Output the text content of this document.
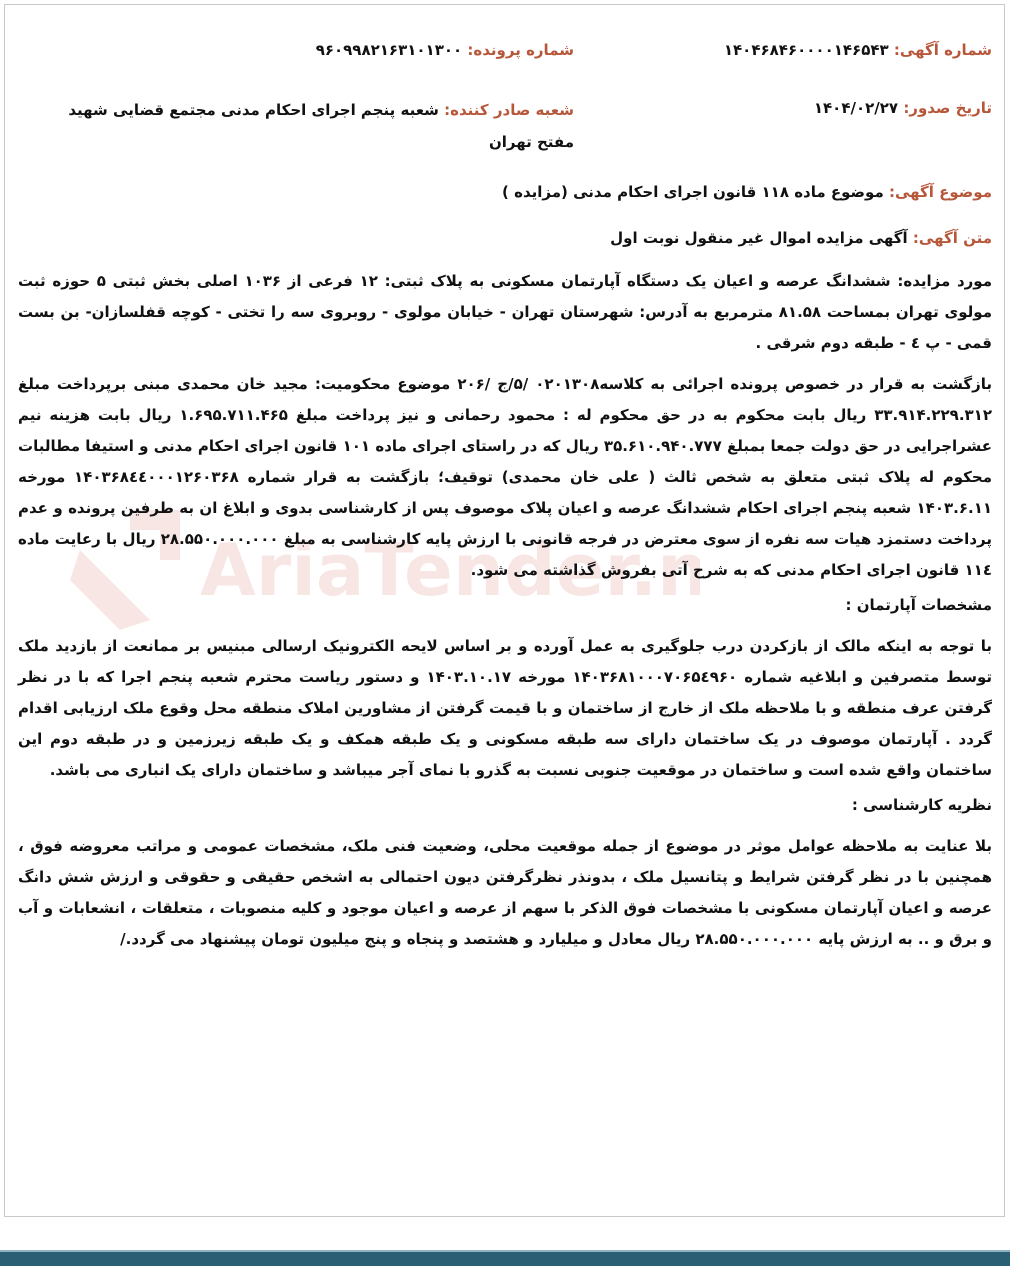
شماره آگهی: ۱۴۰۴۶۸۴۶۰۰۰۰۱۴۶۵۴۳
شماره پرونده: ۹۶۰۹۹۸۲۱۶۳۱۰۱۳۰۰
تاریخ صدور: ۱۴۰۴/۰۲/۲۷
شعبه صادر کننده: شعبه پنجم اجرای احکام مدنی مجتمع قضایی شهید مفتح تهران
موضوع آگهی: موضوع ماده ۱۱۸ قانون اجرای احکام مدنی (مزایده )
متن آگهی: آگهی مزایده اموال غیر منقول نوبت اول

مورد مزایده: ششدانگ عرصه و اعیان یک دستگاه آپارتمان مسکونی به پلاک ثبتی: ۱۲ فرعی از ۱۰۳۶ اصلی بخش ثبتی ۵ حوزه ثبت مولوی تهران بمساحت ۸۱.۵۸ مترمربع به آدرس: شهرستان تهران - خیابان مولوی - روبروی سه را تختی - کوچه قفلسازان- بن بست قمی - پ ٤ - طبقه دوم شرقی .

بازگشت به قرار در خصوص پرونده اجرائی به کلاسه۰۲۰۱۳۰۸ /۵/ج /۲۰۶ موضوع محکومیت: مجید خان محمدی مبنی برپرداخت مبلغ ۳۳.۹۱۴.۲۲۹.۳۱۲ ریال بابت محکوم به در حق محکوم له : محمود رحمانی و نیز پرداخت مبلغ ۱.۶۹۵.۷۱۱.۴۶۵ ریال بابت هزینه نیم عشراجرایی در حق دولت جمعا بمبلغ ۳۵.۶۱۰.۹۴۰.۷۷۷ ریال که در راستای اجرای ماده ۱۰۱ قانون اجرای احکام مدنی و استیفا مطالبات محکوم له پلاک ثبتی متعلق به شخص ثالث ( علی خان محمدی) توقیف؛ بازگشت به قرار شماره ۱۴۰۳۶۸٤٤۰۰۰۱۲۶۰۳۶۸ مورخه ۱۴۰۳.۶.۱۱ شعبه پنجم اجرای احکام ششدانگ عرصه و اعیان پلاک موصوف پس از کارشناسی بدوی و ابلاغ ان به طرفین پرونده و عدم پرداخت دستمزد هیات سه نفره از سوی معترض در فرجه قانونی با ارزش پایه کارشناسی به مبلغ ۲۸.۵۵۰.۰۰۰.۰۰۰ ریال با رعایت ماده ۱۱٤ قانون اجرای احکام مدنی که به شرح آتی بفروش گذاشته می شود.

مشخصات آپارتمان :

با توجه به اینکه مالک از بازکردن درب جلوگیری به عمل آورده و بر اساس لایحه الکترونیک ارسالی مبنیس بر ممانعت از بازدید ملک توسط متصرفین و ابلاغیه شماره ۱۴۰۳۶۸۱۰۰۰۷۰۶۵٤۹۶۰ مورخه ۱۴۰۳.۱۰.۱۷ و دستور ریاست محترم شعبه پنجم اجرا که با در نظر گرفتن عرف منطقه و با ملاحظه ملک از خارج از ساختمان و با قیمت گرفتن از مشاورین املاک منطقه محل وقوع ملک ارزیابی اقدام گردد . آپارتمان موصوف در یک ساختمان دارای سه طبقه مسکونی و یک طبقه همکف و یک طبقه زیرزمین و در طبقه دوم این ساختمان واقع شده است و ساختمان در موقعیت جنوبی نسبت به گذرو با نمای آجر میباشد و ساختمان دارای یک انباری می باشد.

نظریه کارشناسی :

بلا عنایت به ملاحظه عوامل موثر در موضوع از جمله موقعیت محلی، وضعیت فنی ملک، مشخصات عمومی و مراتب معروضه فوق ، همچنین با در نظر گرفتن شرایط و پتانسیل ملک ، بدونذر نظرگرفتن دیون احتمالی به اشخص حقیقی و حقوقی و ارزش شش دانگ عرصه و اعیان آپارتمان مسکونی با مشخصات فوق الذکر با سهم از عرصه و اعیان موجود و کلیه منصوبات ، متعلقات ، انشعابات و آب و برق و .. به ارزش پایه ۲۸.۵۵۰.۰۰۰.۰۰۰ ریال معادل و میلیارد و هشتصد و پنجاه و پنج میلیون تومان پیشنهاد می گردد./
